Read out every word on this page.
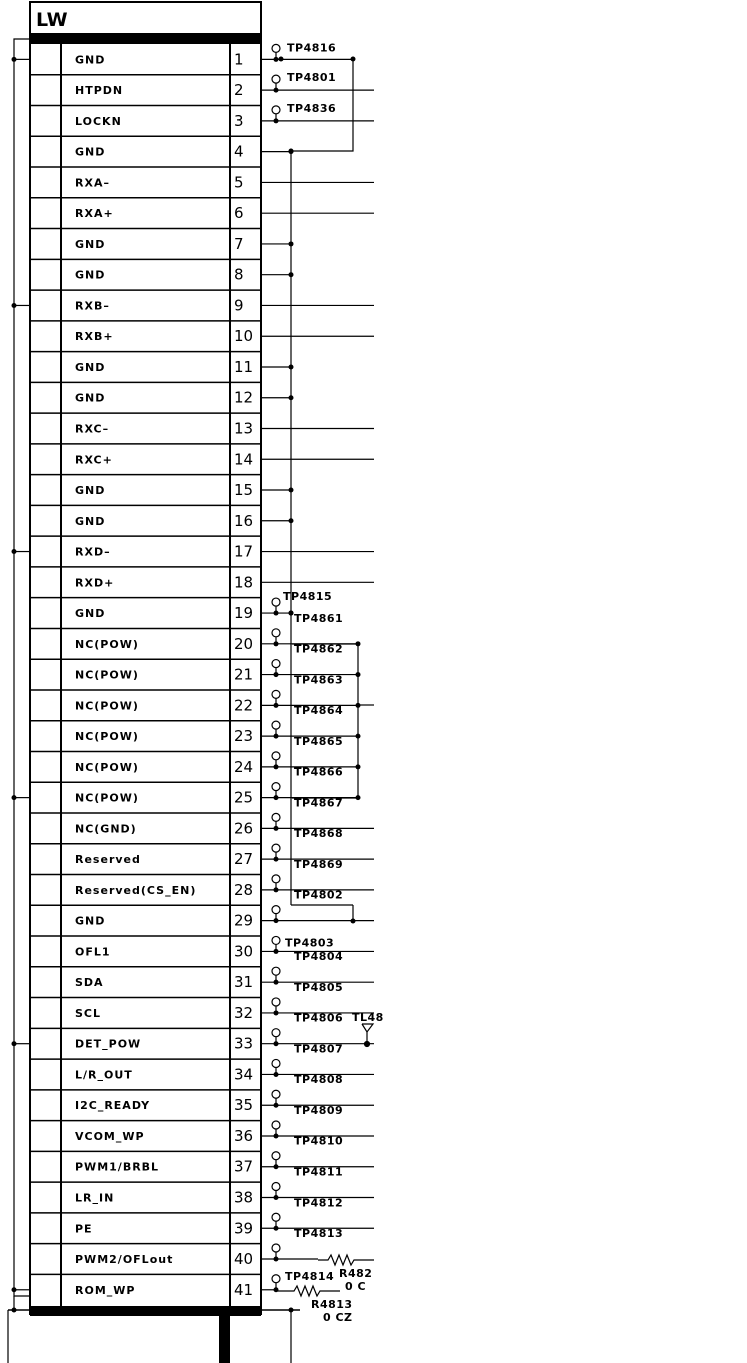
GND	1
TP4816
HTPDN	2
TP4801
LOCKN	3
TP4836
GND	4
RXA–	5
RXA+	6
GND	7
GND	8
RXB–	9
RXB+	10
GND	11
GND	12
RXC–	13
RXC+	14
GND	15
GND	16
RXD–	17
RXD+	18
GND	19
TP4815
NC(POW)	20
TP4861
NC(POW)	21
TP4862
NC(POW)	22
TP4863
NC(POW)	23
TP4864
NC(POW)	24
TP4865
NC(POW)	25
TP4866
NC(GND)	26
TP4867
Reserved	27
TP4868
Reserved(CS_EN)	28
TP4869
GND	29
TP4802
OFL1	30	TP4803
SDA	31
TP4804
SCL	32
TP4805
DET_POW	33
TP4806
L/R_OUT	34
TP4807
I2C_READY	35
TP4808
VCOM_WP	36
TP4809
PWM1/BRBL	37
TP4810
LR_IN	38
TP4811
PE	39
TP4812
PWM2/OFLout	40
TP4813
ROM_WP	41
TP4814
LW
TL48
R482
0 C
R4813
0 CZ
